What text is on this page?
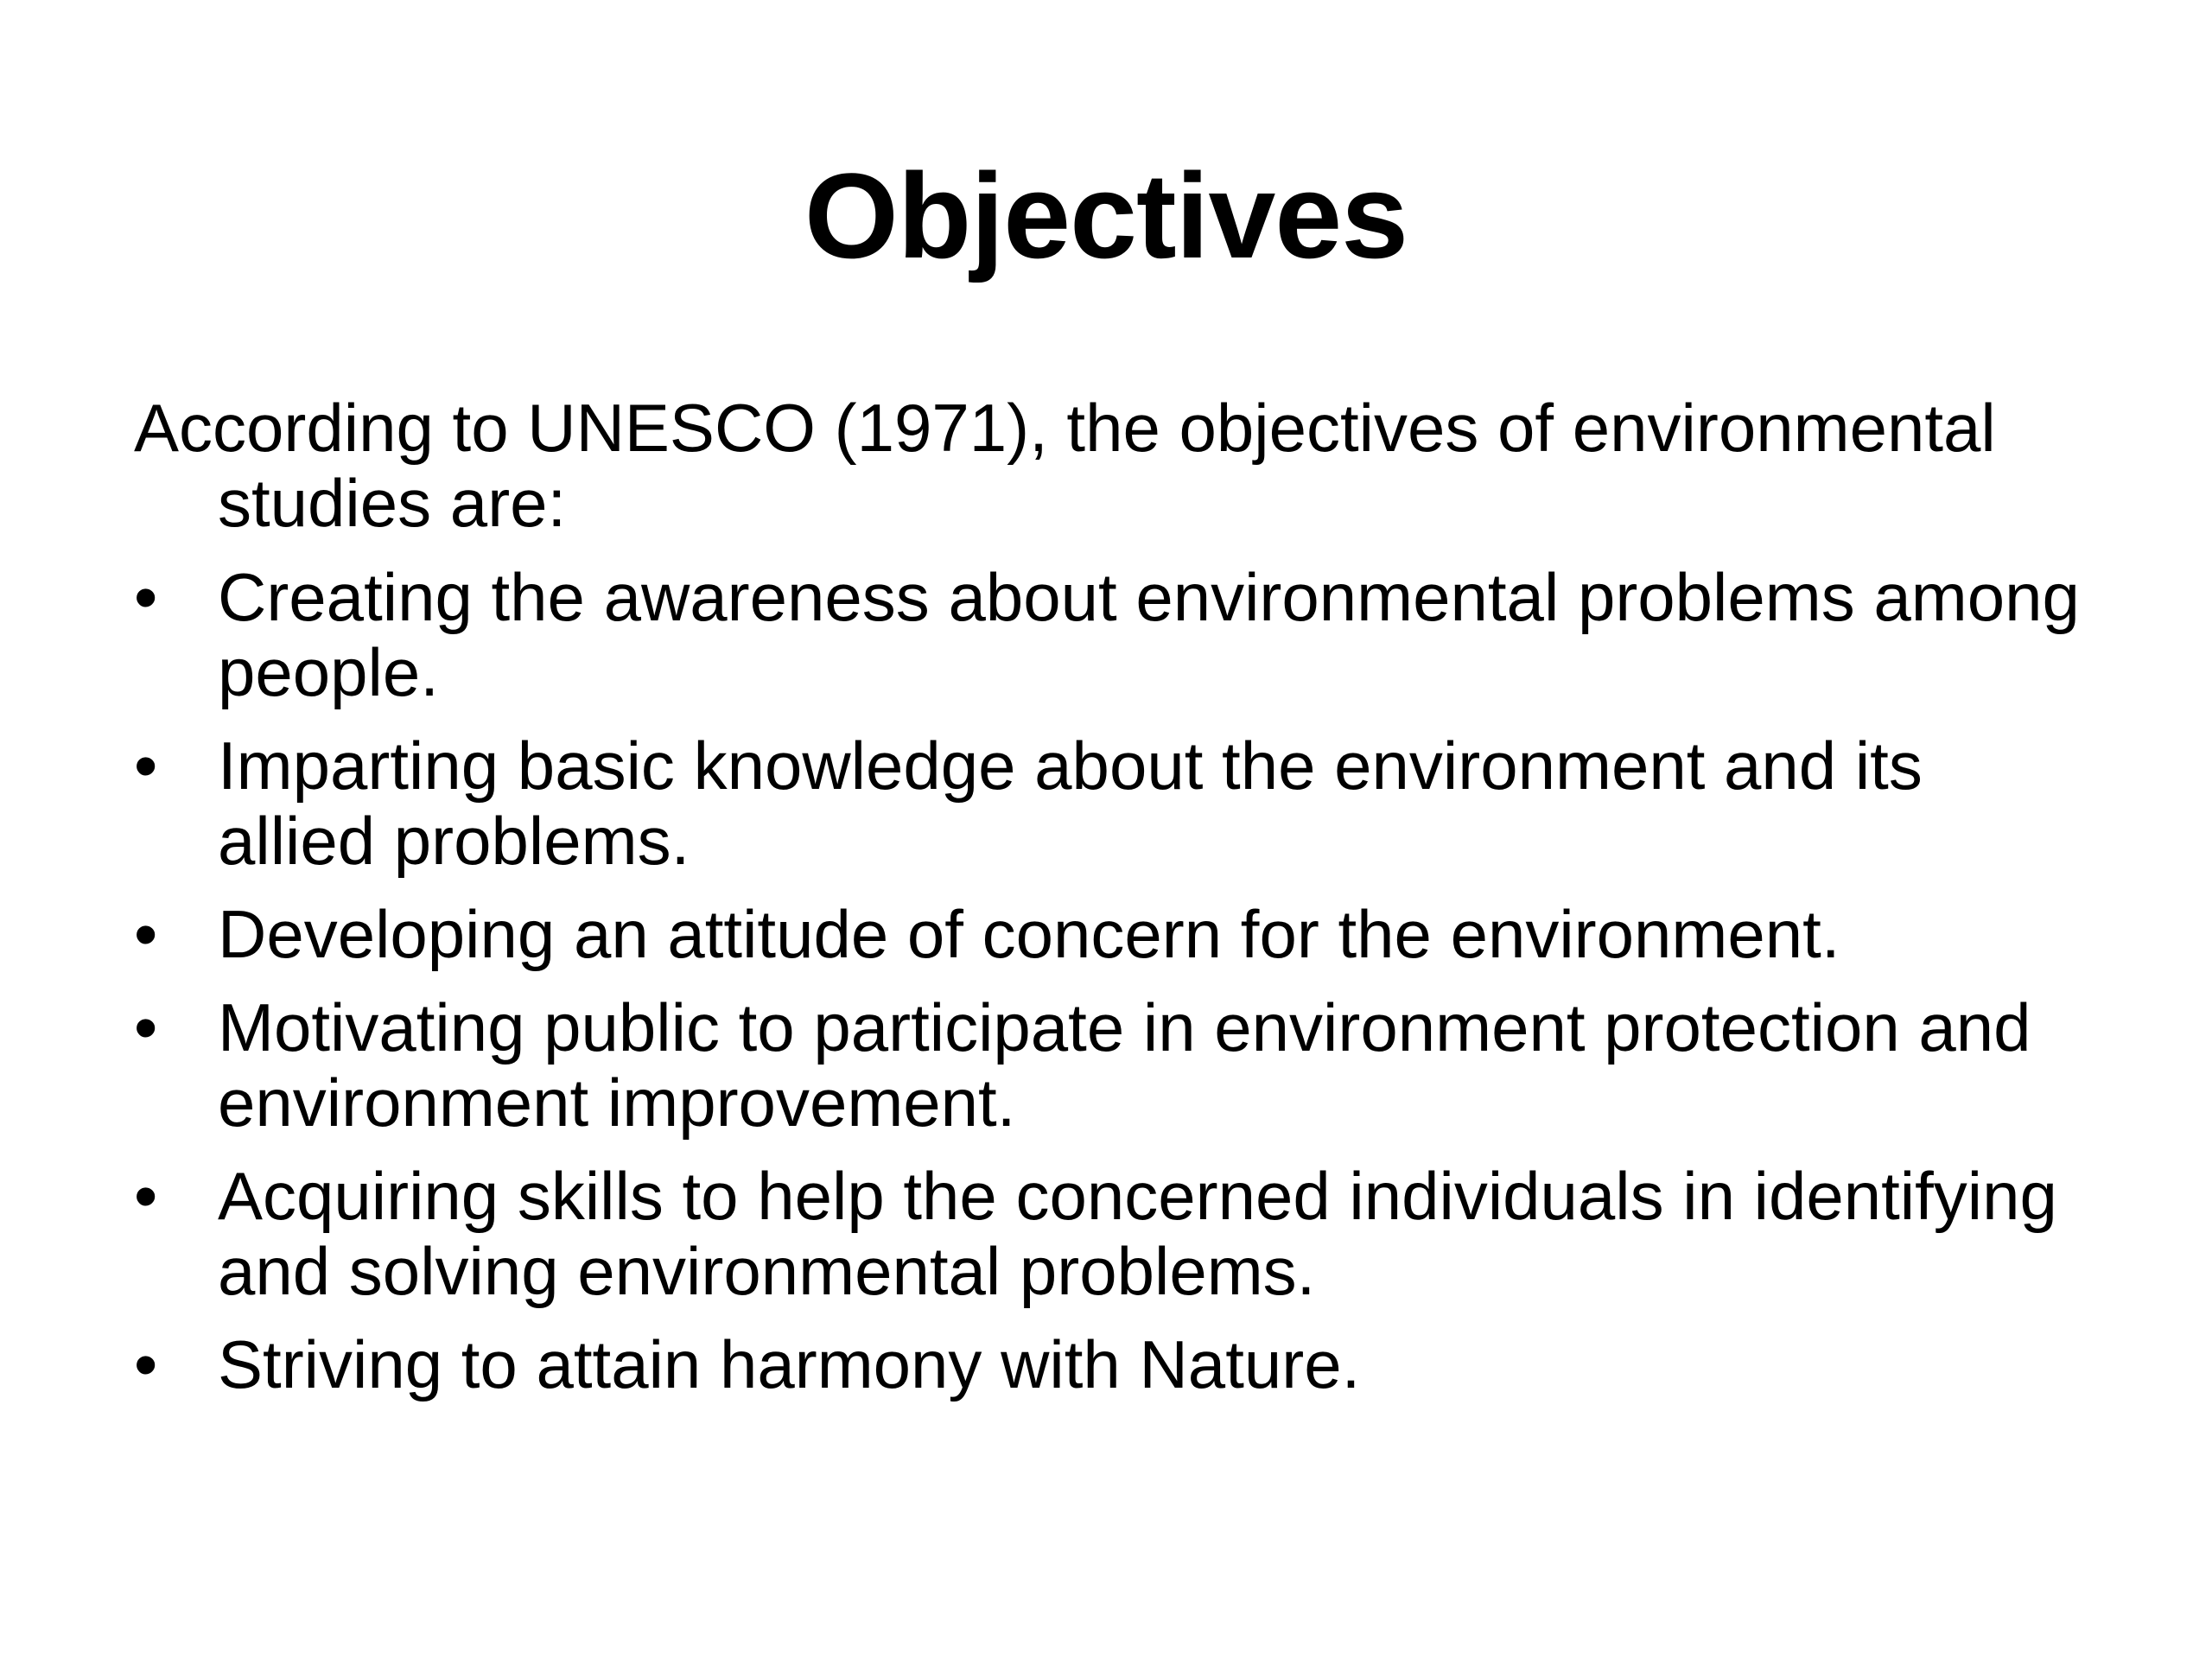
Objectives

According to UNESCO (1971), the objectives of environmental studies are:

• Creating the awareness about environmental problems among people.
• Imparting basic knowledge about the environment and its allied problems.
• Developing an attitude of concern for the environment.
• Motivating public to participate in environment protection and environment improvement.
• Acquiring skills to help the concerned individuals in identifying and solving environmental problems.
• Striving to attain harmony with Nature.
